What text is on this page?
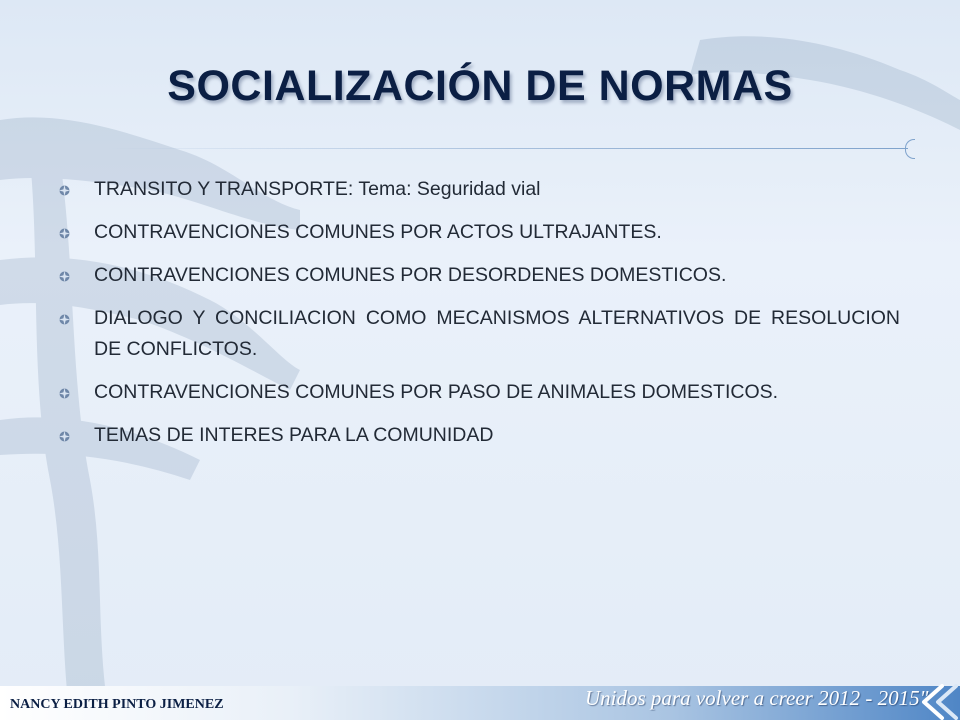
SOCIALIZACIÓN DE NORMAS
TRANSITO Y TRANSPORTE: Tema: Seguridad vial
CONTRAVENCIONES COMUNES POR ACTOS ULTRAJANTES.
CONTRAVENCIONES COMUNES POR DESORDENES DOMESTICOS.
DIALOGO Y CONCILIACION COMO MECANISMOS ALTERNATIVOS DE RESOLUCION DE CONFLICTOS.
CONTRAVENCIONES COMUNES POR PASO DE ANIMALES DOMESTICOS.
TEMAS DE INTERES PARA LA COMUNIDAD
NANCY EDITH PINTO JIMENEZ	Unidos para volver a creer 2012 - 2015"
